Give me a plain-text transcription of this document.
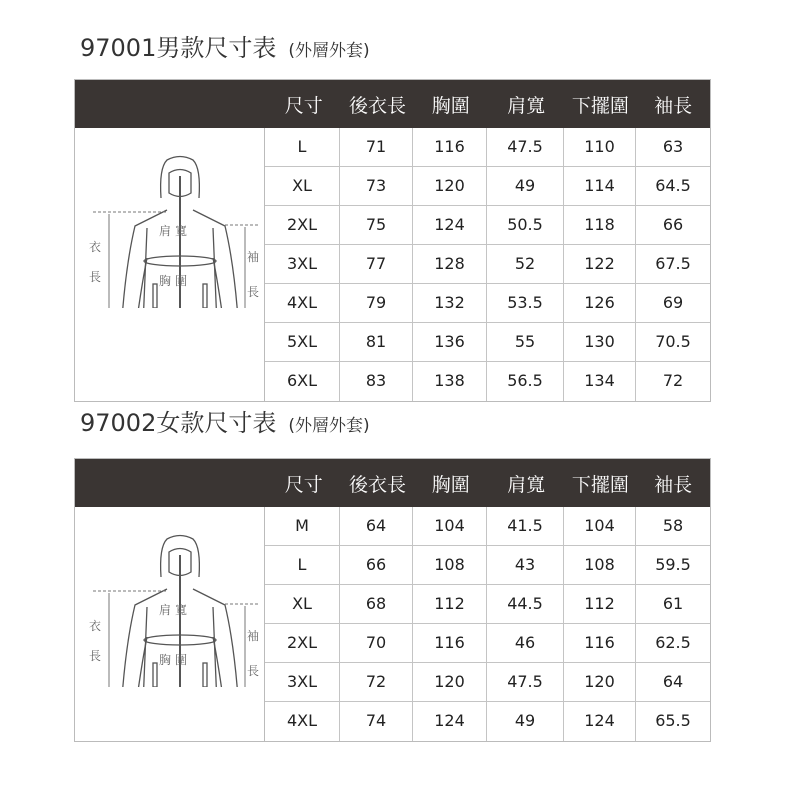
97001男款尺寸表 (外層外套)
尺寸	後衣長	胸圍	肩寬	下擺圍	袖長
衣
長
袖
長
肩寬
胸圍
L	71	116	47.5	110	63
XL	73	120	49	114	64.5
2XL	75	124	50.5	118	66
3XL	77	128	52	122	67.5
4XL	79	132	53.5	126	69
5XL	81	136	55	130	70.5
6XL	83	138	56.5	134	72
97002女款尺寸表 (外層外套)
尺寸	後衣長	胸圍	肩寬	下擺圍	袖長
衣
長
袖
長
肩寬
胸圍
M	64	104	41.5	104	58
L	66	108	43	108	59.5
XL	68	112	44.5	112	61
2XL	70	116	46	116	62.5
3XL	72	120	47.5	120	64
4XL	74	124	49	124	65.5
